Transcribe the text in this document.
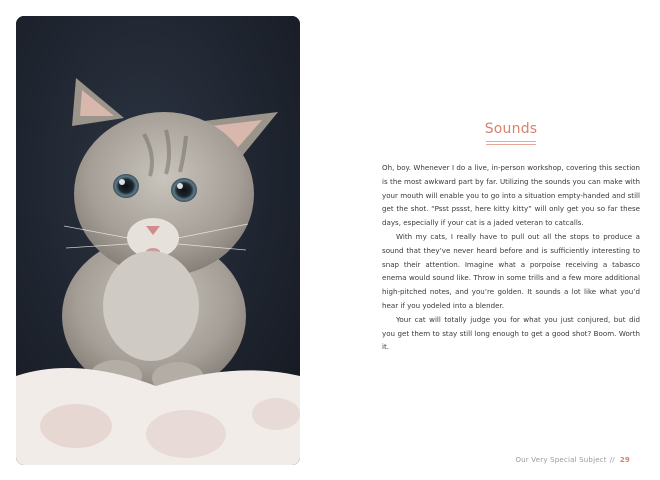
Sounds

Oh, boy. Whenever I do a live, in-person workshop, covering this section is the most awkward part by far. Utilizing the sounds you can make with your mouth will enable you to go into a situation empty-handed and still get the shot. “Psst pssst, here kitty kitty” will only get you so far these days, especially if your cat is a jaded veteran to catcalls.

With my cats, I really have to pull out all the stops to produce a sound that they’ve never heard before and is sufficiently interesting to snap their attention. Imagine what a porpoise receiving a tabasco enema would sound like. Throw in some trills and a few more additional high-pitched notes, and you’re golden. It sounds a lot like what you’d hear if you yodeled into a blender.

Your cat will totally judge you for what you just conjured, but did you get them to stay still long enough to get a good shot? Boom. Worth it.

Our Very Special Subject // 29
